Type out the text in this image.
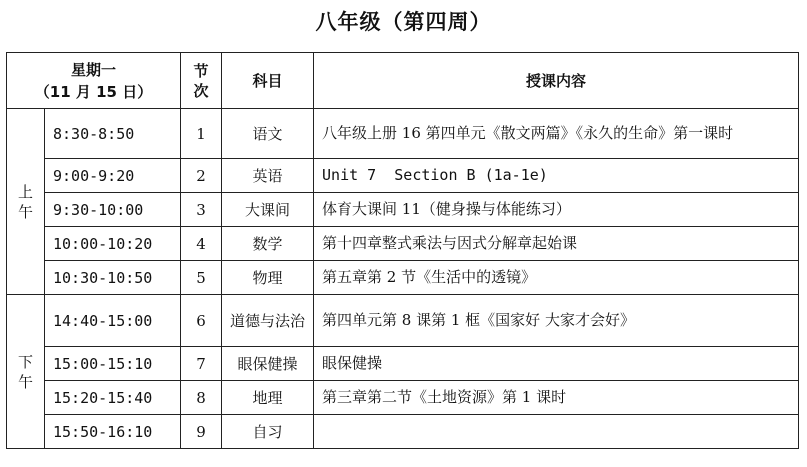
八年级（第四周）
星期一
（11 月 15 日）		节次	科目	授课内容

上午	8:30-8:50	1	语文	八年级上册 16 第四单元《散文两篇》《永久的生命》第一课时
	9:00-9:20	2	英语	Unit 7  Section B (1a-1e)
	9:30-10:00	3	大课间	体育大课间 11（健身操与体能练习）
	10:00-10:20	4	数学	第十四章整式乘法与因式分解章起始课
	10:30-10:50	5	物理	第五章第 2 节《生活中的透镜》

下午	14:40-15:00	6	道德与法治	第四单元第 8 课第 1 框《国家好 大家才会好》
	15:00-15:10	7	眼保健操	眼保健操
	15:20-15:40	8	地理	第三章第二节《土地资源》第 1 课时
	15:50-16:10	9	自习	
